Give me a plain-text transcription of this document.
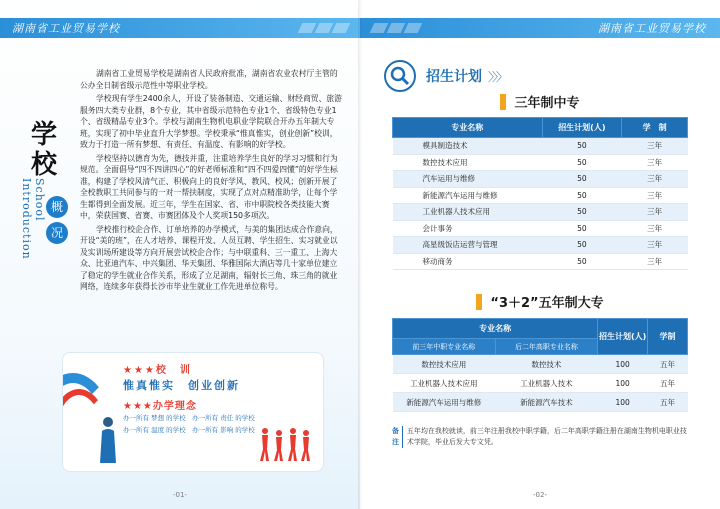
湖南省工业贸易学校
学校
School Introduction	概
况

湖南省工业贸易学校是湖南省人民政府批准，湖南省农业农村厅主管的公办全日制省级示范性中等职业学校。

学校现有学生2400余人，开设了装备制造、交通运输、财经商贸、旅游服务四大类专业群，8个专业，其中省级示范特色专业1个、省级特色专业1个、省级精品专业3个。学校与湖南生物机电职业学院联合开办五年制大专班，实现了初中毕业直升大学梦想。学校秉承“惟真惟实，创业创新”校训，致力于打造一所有梦想、有责任、有温度、有影响的好学校。

学校坚持以德育为先，德技并重，注重培养学生良好的学习习惯和行为规范。全面倡导“四不四讲四心”的好老师标准和“四不四爱四懂”的好学生标准，构建了学校风清气正、积极向上的良好学风、教风、校风；创新开展了全校教职工共同参与的一对一帮扶制度，实现了点对点精准助学，让每个学生都得到全面发展。近三年，学生在国家、省、市中职院校各类技能大赛中，荣获国赛、省赛、市赛团体及个人奖项150多项次。

学校推行校企合作、订单培养的办学模式，与美的集团达成合作意向，开设“美的班”，在人才培养、课程开发、人员互聘、学生招生、实习就业以及实训场所建设等方向开展尝试校企合作；与中联重科、三一重工、上海大众、比亚迪汽车、中兴集团、华天集团、华雅国际大酒店等几十家单位建立了稳定的学生就业合作关系，形成了立足湖南，辐射长三角、珠三角的就业网络，连续多年获得长沙市毕业生就业工作先进单位称号。

★★★校　训
惟真惟实　创业创新
★★★办学理念
办一所有 梦想 的学校　办一所有 责任 的学校
办一所有 温度 的学校　办一所有 影响 的学校
-01-
湖南省工业贸易学校
招生计划 〉〉〉
三年制中专
专业名称	招生计划(人)	学　制
模具制造技术	50	三年
数控技术应用	50	三年
汽车运用与维修	50	三年
新能源汽车运用与维修	50	三年
工业机器人技术应用	50	三年
会计事务	50	三年
高星级饭店运营与管理	50	三年
移动商务	50	三年
“3＋2”五年制大专
专业名称		招生计划(人)	学制
前三年中职专业名称	后二年高职专业名称		
数控技术应用	数控技术	100	五年
工业机器人技术应用	工业机器人技术	100	五年
新能源汽车运用与维修	新能源汽车技术	100	五年
备注
五年均在我校就读，前三年注册我校中职学籍，后二年高职学籍注册在湖南生物机电职业技术学院，毕业后发大专文凭。
-02-
